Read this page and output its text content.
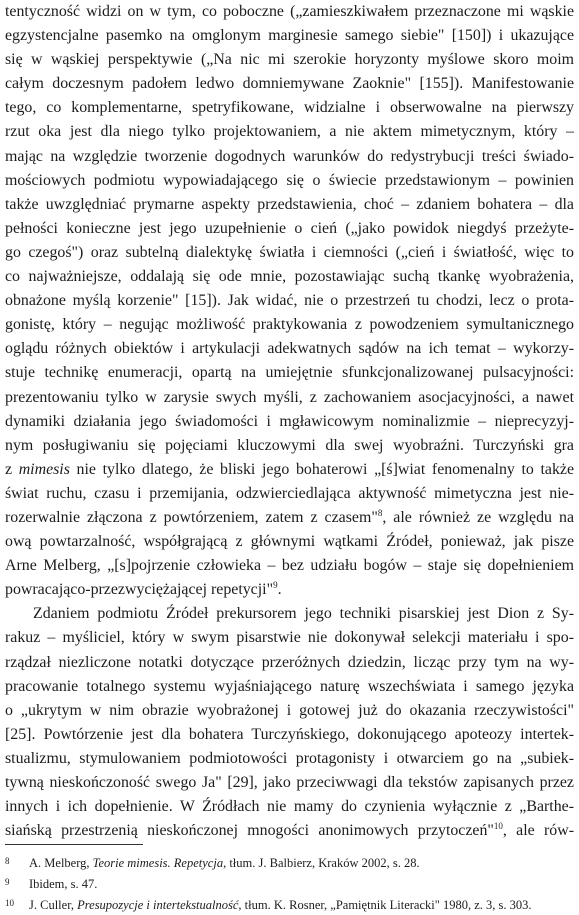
tentyczność widzi on w tym, co poboczne („zamieszkiwałem przeznaczone mi wąskie
egzystencjalne pasemko na omglonym marginesie samego siebie" [150]) i ukazujące
się w wąskiej perspektywie („Na nic mi szerokie horyzonty myślowe skoro moim
całym doczesnym padołem ledwo domniemywane Zaoknie" [155]). Manifestowanie
tego, co komplementarne, spetryfikowane, widzialne i obserwowalne na pierwszy
rzut oka jest dla niego tylko projektowaniem, a nie aktem mimetycznym, który –
mając na względzie tworzenie dogodnych warunków do redystrybucji treści świado-
mościowych podmiotu wypowiadającego się o świecie przedstawionym – powinien
także uwzględniać prymarne aspekty przedstawienia, choć – zdaniem bohatera – dla
pełności konieczne jest jego uzupełnienie o cień („jako powidok niegdyś przeżyte-
go czegoś") oraz subtelną dialektykę światła i ciemności („cień i światłość, więc to
co najważniejsze, oddalają się ode mnie, pozostawiając suchą tkankę wyobrażenia,
obnażone myślą korzenie" [15]). Jak widać, nie o przestrzeń tu chodzi, lecz o prota-
gonistę, który – negując możliwość praktykowania z powodzeniem symultanicznego
oglądu różnych obiektów i artykulacji adekwatnych sądów na ich temat – wykorzy-
stuje technikę enumeracji, opartą na umiejętnie sfunkcjonalizowanej pulsacyjności:
prezentowaniu tylko w zarysie swych myśli, z zachowaniem asocjacyjności, a nawet
dynamiki działania jego świadomości i mgławicowym nominalizmie – nieprecyzyj-
nym posługiwaniu się pojęciami kluczowymi dla swej wyobraźni. Turczyński gra
z mimesis nie tylko dlatego, że bliski jego bohaterowi „[ś]wiat fenomenalny to także
świat ruchu, czasu i przemijania, odzwierciedlająca aktywność mimetyczna jest nie-
rozerwalnie złączona z powtórzeniem, zatem z czasem"$^8$, ale również ze względu na
ową powtarzalność, współgrającą z głównymi wątkami Źródeł, ponieważ, jak pisze
Arne Melberg, „[s]pojrzenie człowieka – bez udziału bogów – staje się dopełnieniem
powracająco-przezwyciężającej repetycji"$^9$.
Zdaniem podmiotu Źródeł prekursorem jego techniki pisarskiej jest Dion z Sy-
rakuz – myśliciel, który w swym pisarstwie nie dokonywał selekcji materiału i spo-
rządzał niezliczone notatki dotyczące przeróżnych dziedzin, licząc przy tym na wy-
pracowanie totalnego systemu wyjaśniającego naturę wszechświata i samego języka
o „ukrytym w nim obrazie wyobrażonej i gotowej już do okazania rzeczywistości"
[25]. Powtórzenie jest dla bohatera Turczyńskiego, dokonującego apoteozy intertek-
stualizmu, stymulowaniem podmiotowości protagonisty i otwarciem go na „subiek-
tywną nieskończoność swego Ja" [29], jako przeciwwagi dla tekstów zapisanych przez
innych i ich dopełnienie. W Źródłach nie mamy do czynienia wyłącznie z „Barthe-
siańską przestrzenią nieskończonej mnogości anonimowych przytoczeń"$^{10}$, ale rów-
8 A. Melberg, Teorie mimesis. Repetycja, tłum. J. Balbierz, Kraków 2002, s. 28.
9 Ibidem, s. 47.
10 J. Culler, Presupozycje i intertekstualność, tłum. K. Rosner, „Pamiętnik Literacki" 1980, z. 3, s. 303.
